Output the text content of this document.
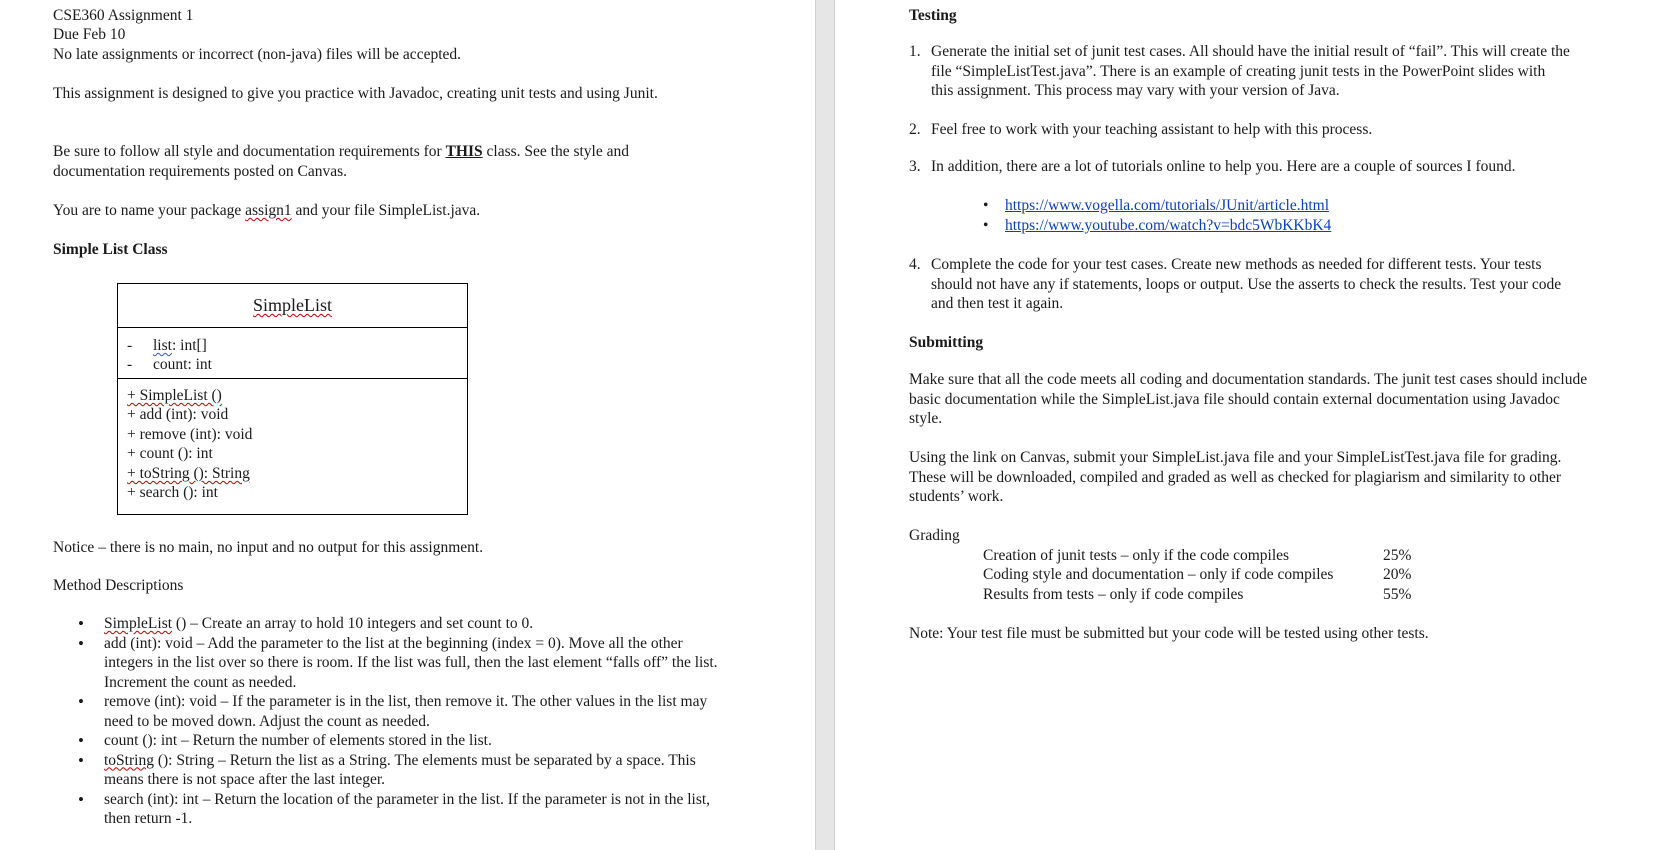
CSE360 Assignment 1
Due Feb 10
No late assignments or incorrect (non-java) files will be accepted.
This assignment is designed to give you practice with Javadoc, creating unit tests and using Junit.
Be sure to follow all style and documentation requirements for THIS class. See the style and documentation requirements posted on Canvas.
You are to name your package assign1 and your file SimpleList.java.
Simple List Class
SimpleList
- list: int[]
- count: int
+ SimpleList ()
+ add (int): void
+ remove (int): void
+ count (): int
+ toString (): String
+ search (): int
Notice – there is no main, no input and no output for this assignment.
Method Descriptions
• SimpleList () – Create an array to hold 10 integers and set count to 0.
• add (int): void – Add the parameter to the list at the beginning (index = 0). Move all the other integers in the list over so there is room. If the list was full, then the last element “falls off” the list. Increment the count as needed.
• remove (int): void – If the parameter is in the list, then remove it. The other values in the list may need to be moved down. Adjust the count as needed.
• count (): int – Return the number of elements stored in the list.
• toString (): String – Return the list as a String. The elements must be separated by a space. This means there is not space after the last integer.
• search (int): int – Return the location of the parameter in the list. If the parameter is not in the list, then return -1.
Testing
1. Generate the initial set of junit test cases. All should have the initial result of “fail”. This will create the file “SimpleListTest.java”. There is an example of creating junit tests in the PowerPoint slides with this assignment. This process may vary with your version of Java.
2. Feel free to work with your teaching assistant to help with this process.
3. In addition, there are a lot of tutorials online to help you. Here are a couple of sources I found.
• https://www.vogella.com/tutorials/JUnit/article.html
• https://www.youtube.com/watch?v=bdc5WbKKbK4
4. Complete the code for your test cases. Create new methods as needed for different tests. Your tests should not have any if statements, loops or output. Use the asserts to check the results. Test your code and then test it again.
Submitting
Make sure that all the code meets all coding and documentation standards. The junit test cases should include basic documentation while the SimpleList.java file should contain external documentation using Javadoc style.
Using the link on Canvas, submit your SimpleList.java file and your SimpleListTest.java file for grading. These will be downloaded, compiled and graded as well as checked for plagiarism and similarity to other students’ work.
Grading
Creation of junit tests – only if the code compiles	25%
Coding style and documentation – only if code compiles	20%
Results from tests – only if code compiles	55%
Note: Your test file must be submitted but your code will be tested using other tests.
